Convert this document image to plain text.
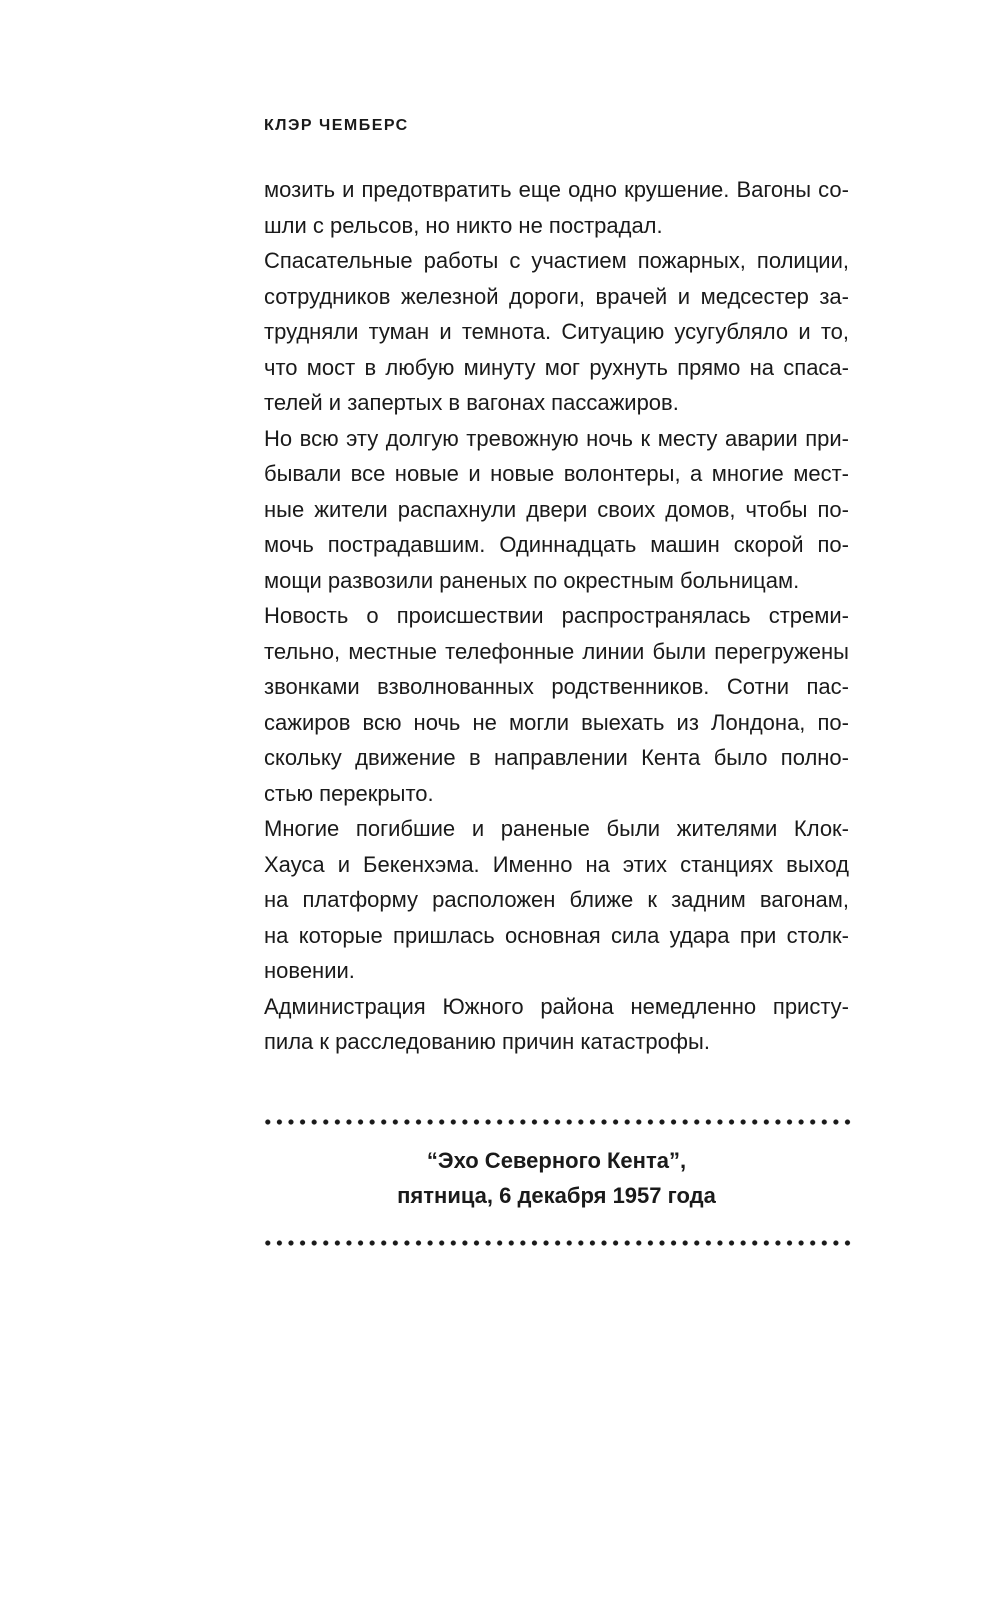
КЛЭР ЧЕМБЕРС
мозить и предотвратить еще одно крушение. Вагоны со-
шли с рельсов, но никто не пострадал.
Спасательные работы с участием пожарных, полиции,
сотрудников железной дороги, врачей и медсестер за-
трудняли туман и темнота. Ситуацию усугубляло и то,
что мост в любую минуту мог рухнуть прямо на спаса-
телей и запертых в вагонах пассажиров.
Но всю эту долгую тревожную ночь к месту аварии при-
бывали все новые и новые волонтеры, а многие мест-
ные жители распахнули двери своих домов, чтобы по-
мочь пострадавшим. Одиннадцать машин скорой по-
мощи развозили раненых по окрестным больницам.
Новость о происшествии распространялась стреми-
тельно, местные телефонные линии были перегружены
звонками взволнованных родственников. Сотни пас-
сажиров всю ночь не могли выехать из Лондона, по-
скольку движение в направлении Кента было полно-
стью перекрыто.
Многие погибшие и раненые были жителями Клок-
Хауса и Бекенхэма. Именно на этих станциях выход
на платформу расположен ближе к задним вагонам,
на которые пришлась основная сила удара при столк-
новении.
Администрация Южного района немедленно присту-
пила к расследованию причин катастрофы.
“Эхо Северного Кента”,
пятница, 6 декабря 1957 года
